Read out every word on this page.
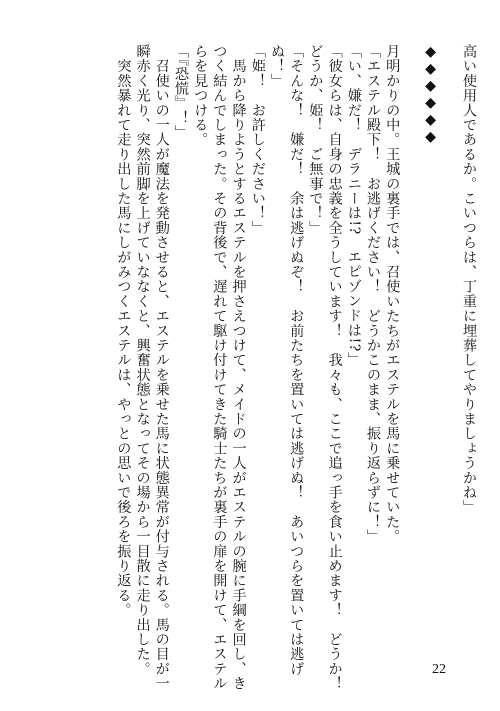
高い使用人であるか。こいつらは、丁重に埋葬してやりましょうかね」

◆◆◆◆◆◆

月明かりの中。王城の裏手では、召使いたちがエステルを馬に乗せていた。

「エステル殿下！　お逃げください！　どうかこのまま、振り返らずに！」

「い、嫌だ！　デラニーは!?　エピゾンドは!?」

「彼女らは、自身の忠義を全うしています！　我々も、ここで追っ手を食い止めます！　どうか！

どうか、姫！　ご無事で！」

「そんな！　嫌だ！　余は逃げぬぞ！　お前たちを置いては逃げぬ！　あいつらを置いては逃げ

ぬ！」

「姫！　お許しください！」

　馬から降りようとするエステルを押さえつけて、メイドの一人がエステルの腕に手綱を回し、き

つく結んでしまった。その背後で、遅れて駆け付けてきた騎士たちが裏手の扉を開けて、エステル

らを見つける。

「『恐慌』！」

　召使いの一人が魔法を発動させると、エステルを乗せた馬に状態異常が付与される。馬の目が一

瞬赤く光り、突然前脚を上げていななくと、興奮状態となってその場から一目散に走り出した。

　突然暴れて走り出した馬にしがみつくエステルは、やっとの思いで後ろを振り返る。

22
